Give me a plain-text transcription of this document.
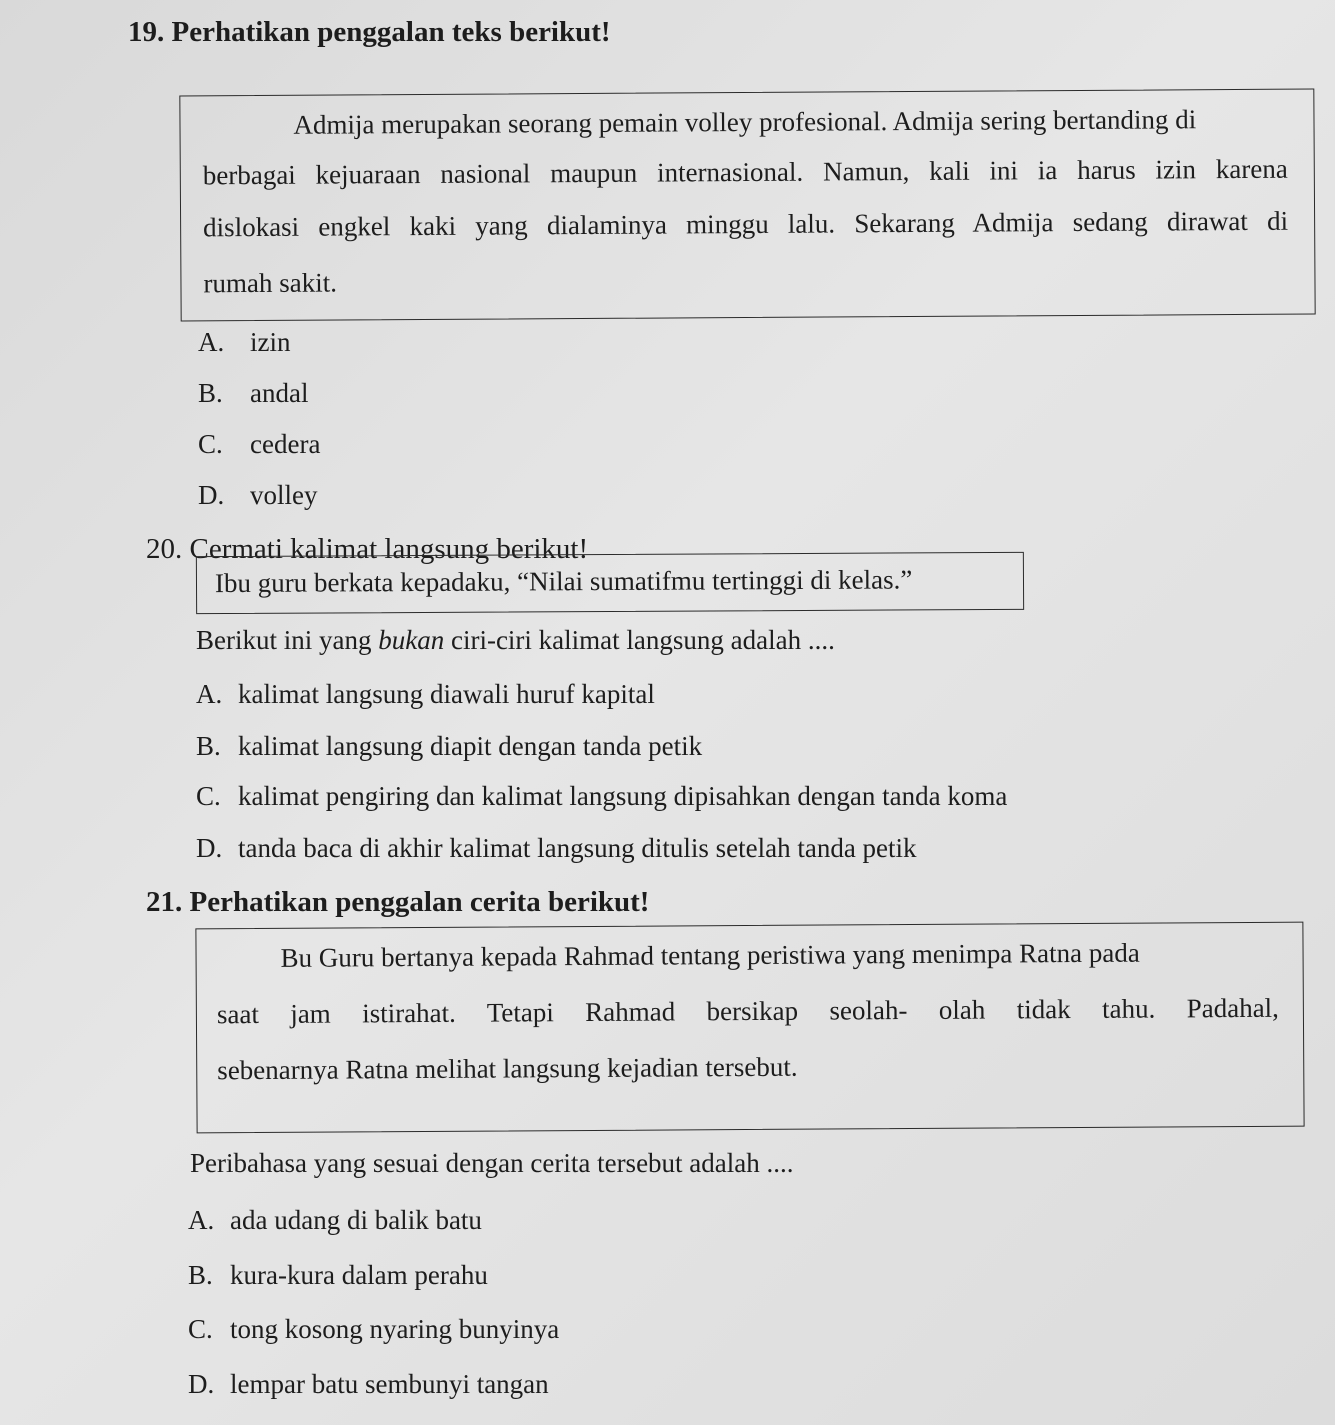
19. Perhatikan penggalan teks berikut!
Admija merupakan seorang pemain volley profesional. Admija sering bertanding di
berbagai kejuaraan nasional maupun internasional. Namun, kali ini ia harus izin karena
dislokasi engkel kaki yang dialaminya minggu lalu. Sekarang Admija sedang dirawat di
rumah sakit.
A. izin
B. andal
C. cedera
D. volley
20. Cermati kalimat langsung berikut!
Ibu guru berkata kepadaku, “Nilai sumatifmu tertinggi di kelas.”
Berikut ini yang bukan ciri-ciri kalimat langsung adalah ....
A. kalimat langsung diawali huruf kapital
B. kalimat langsung diapit dengan tanda petik
C. kalimat pengiring dan kalimat langsung dipisahkan dengan tanda koma
D. tanda baca di akhir kalimat langsung ditulis setelah tanda petik
21. Perhatikan penggalan cerita berikut!
Bu Guru bertanya kepada Rahmad tentang peristiwa yang menimpa Ratna pada
saat jam istirahat. Tetapi Rahmad bersikap seolah- olah tidak tahu. Padahal,
sebenarnya Ratna melihat langsung kejadian tersebut.
Peribahasa yang sesuai dengan cerita tersebut adalah ....
A. ada udang di balik batu
B. kura-kura dalam perahu
C. tong kosong nyaring bunyinya
D. lempar batu sembunyi tangan
